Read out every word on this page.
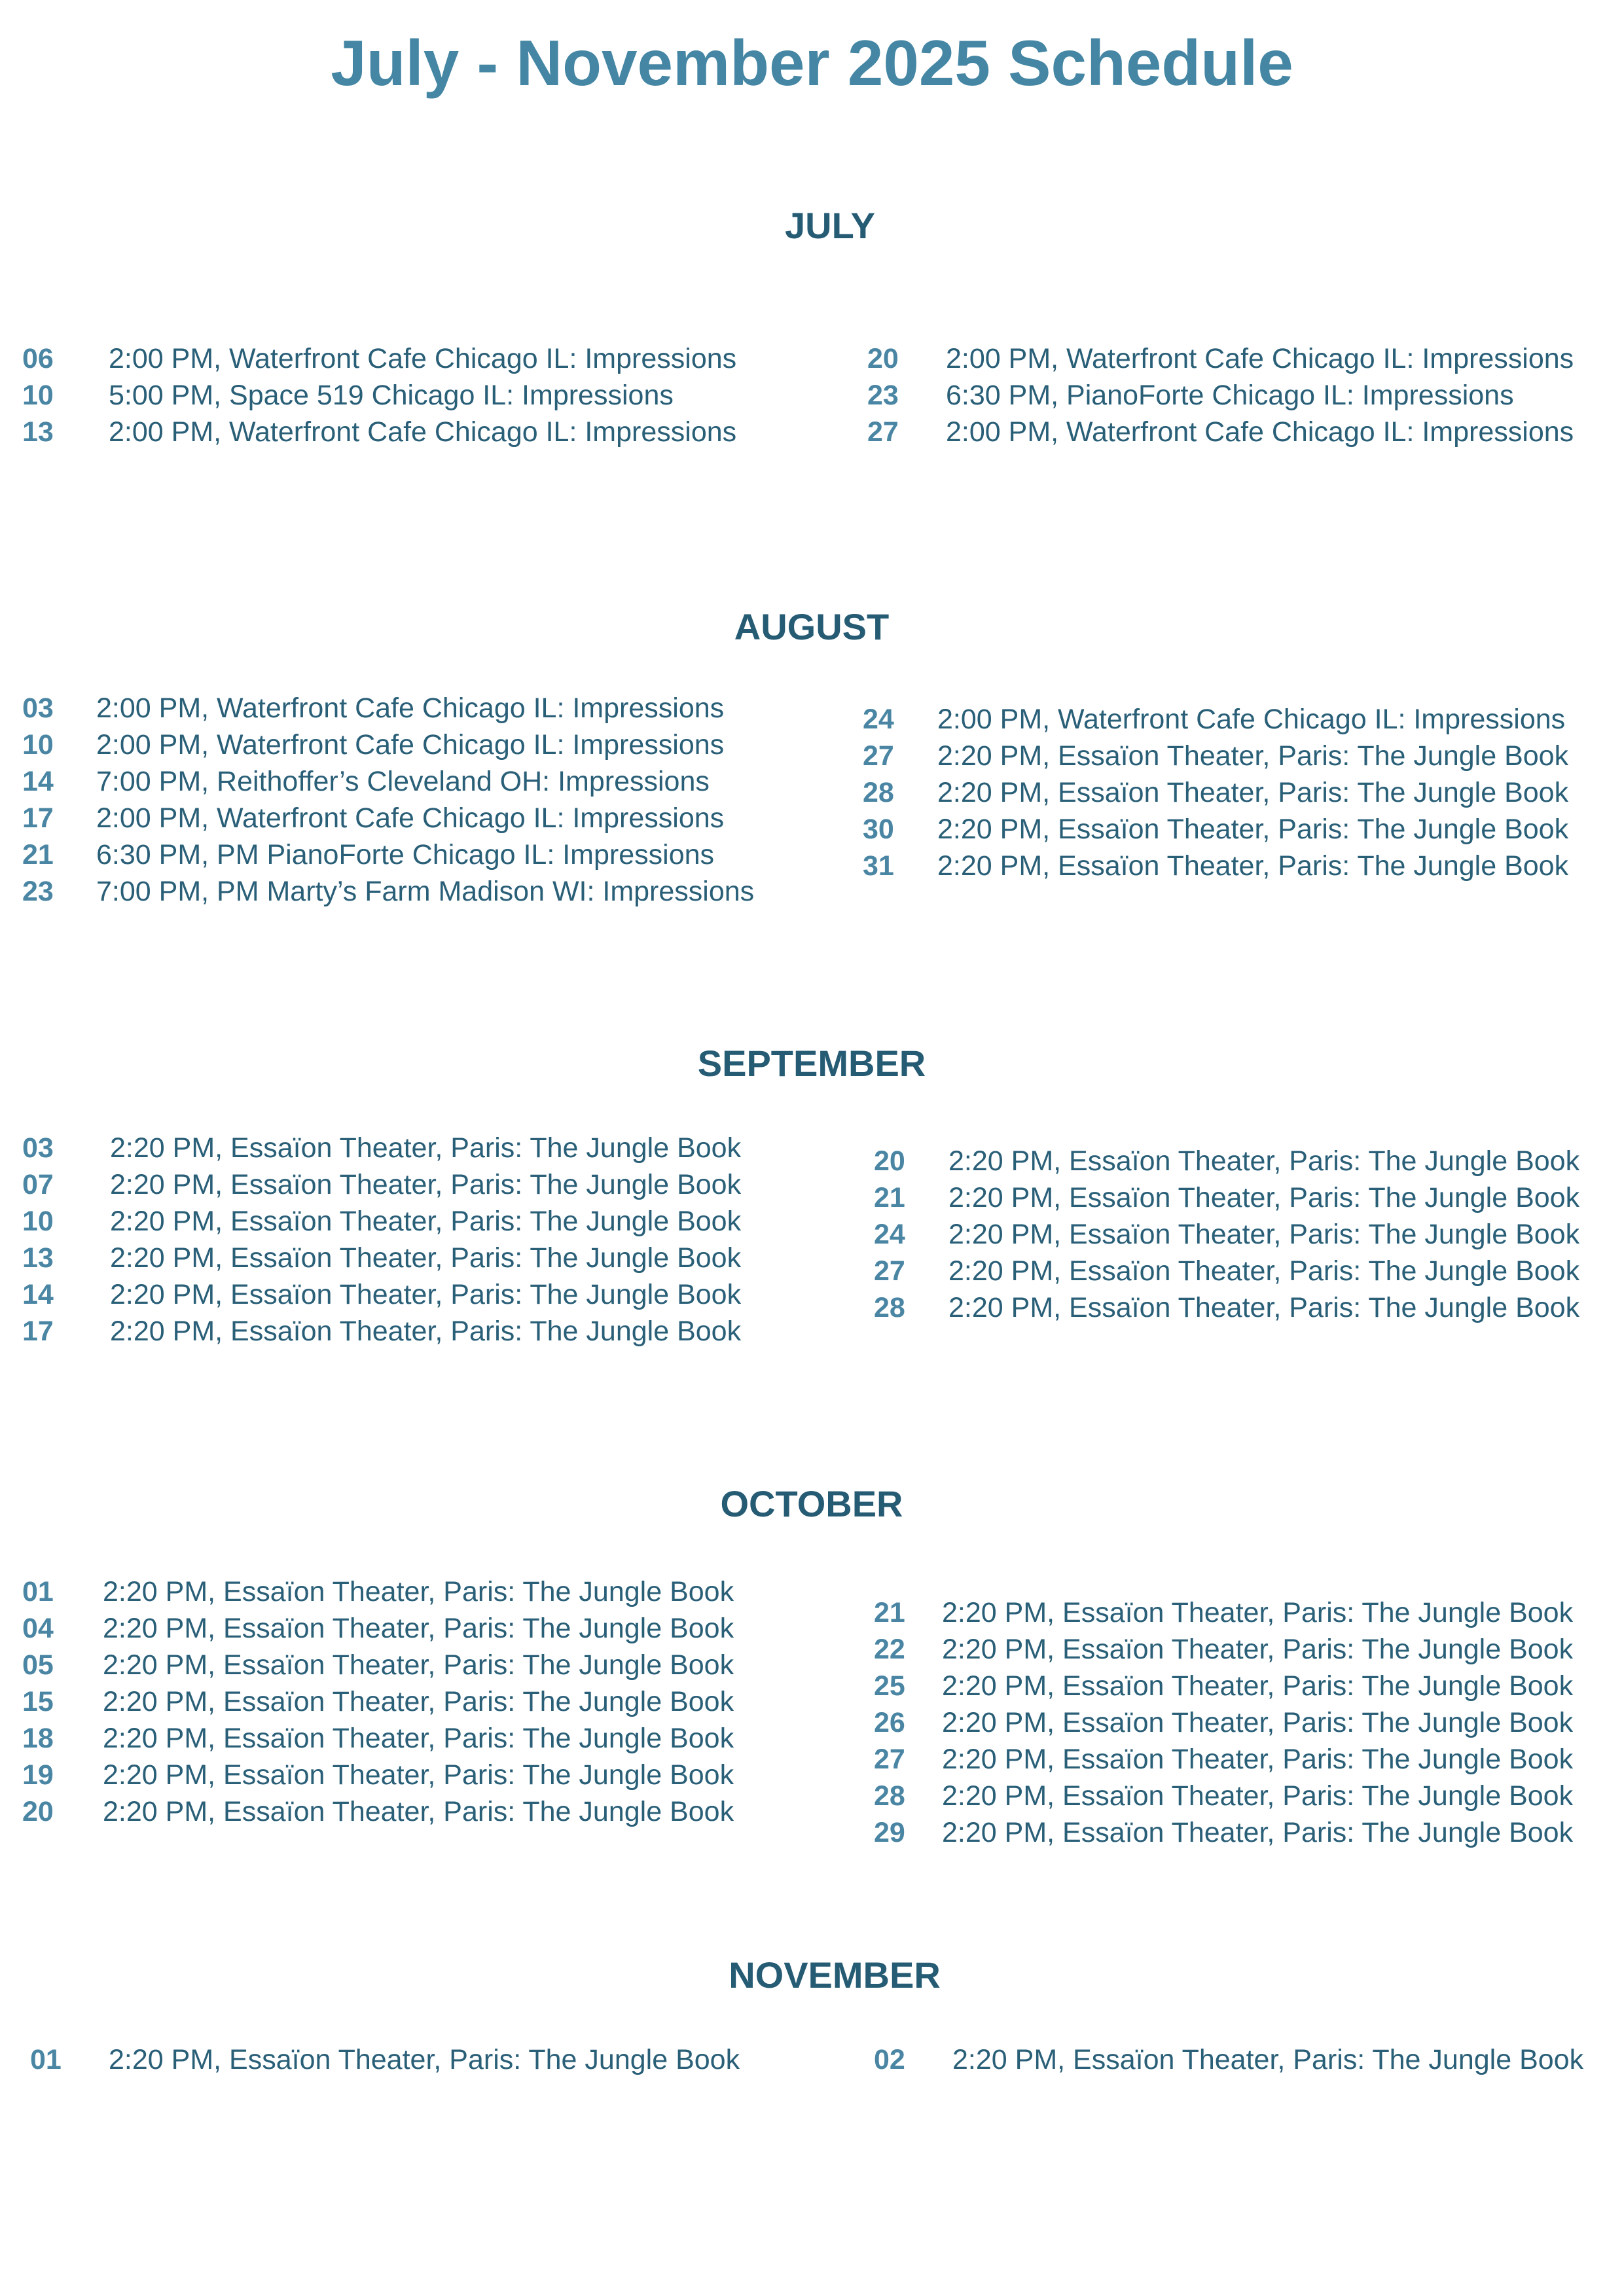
July - November 2025 Schedule
JULY
AUGUST
SEPTEMBER
OCTOBER
NOVEMBER
06 2:00 PM, Waterfront Cafe Chicago IL: Impressions
10 5:00 PM, Space 519 Chicago IL: Impressions
13 2:00 PM, Waterfront Cafe Chicago IL: Impressions
20 2:00 PM, Waterfront Cafe Chicago IL: Impressions
23 6:30 PM, PianoForte Chicago IL: Impressions
27 2:00 PM, Waterfront Cafe Chicago IL: Impressions
03 2:00 PM, Waterfront Cafe Chicago IL: Impressions
10 2:00 PM, Waterfront Cafe Chicago IL: Impressions
14 7:00 PM, Reithoffer’s Cleveland OH: Impressions
17 2:00 PM, Waterfront Cafe Chicago IL: Impressions
21 6:30 PM, PM PianoForte Chicago IL: Impressions
23 7:00 PM, PM Marty’s Farm Madison WI: Impressions
24 2:00 PM, Waterfront Cafe Chicago IL: Impressions
27 2:20 PM, Essaïon Theater, Paris: The Jungle Book
28 2:20 PM, Essaïon Theater, Paris: The Jungle Book
30 2:20 PM, Essaïon Theater, Paris: The Jungle Book
31 2:20 PM, Essaïon Theater, Paris: The Jungle Book
03 2:20 PM, Essaïon Theater, Paris: The Jungle Book
07 2:20 PM, Essaïon Theater, Paris: The Jungle Book
10 2:20 PM, Essaïon Theater, Paris: The Jungle Book
13 2:20 PM, Essaïon Theater, Paris: The Jungle Book
14 2:20 PM, Essaïon Theater, Paris: The Jungle Book
17 2:20 PM, Essaïon Theater, Paris: The Jungle Book
20 2:20 PM, Essaïon Theater, Paris: The Jungle Book
21 2:20 PM, Essaïon Theater, Paris: The Jungle Book
24 2:20 PM, Essaïon Theater, Paris: The Jungle Book
27 2:20 PM, Essaïon Theater, Paris: The Jungle Book
28 2:20 PM, Essaïon Theater, Paris: The Jungle Book
01 2:20 PM, Essaïon Theater, Paris: The Jungle Book
04 2:20 PM, Essaïon Theater, Paris: The Jungle Book
05 2:20 PM, Essaïon Theater, Paris: The Jungle Book
15 2:20 PM, Essaïon Theater, Paris: The Jungle Book
18 2:20 PM, Essaïon Theater, Paris: The Jungle Book
19 2:20 PM, Essaïon Theater, Paris: The Jungle Book
20 2:20 PM, Essaïon Theater, Paris: The Jungle Book
21 2:20 PM, Essaïon Theater, Paris: The Jungle Book
22 2:20 PM, Essaïon Theater, Paris: The Jungle Book
25 2:20 PM, Essaïon Theater, Paris: The Jungle Book
26 2:20 PM, Essaïon Theater, Paris: The Jungle Book
27 2:20 PM, Essaïon Theater, Paris: The Jungle Book
28 2:20 PM, Essaïon Theater, Paris: The Jungle Book
29 2:20 PM, Essaïon Theater, Paris: The Jungle Book
01 2:20 PM, Essaïon Theater, Paris: The Jungle Book	02 2:20 PM, Essaïon Theater, Paris: The Jungle Book
